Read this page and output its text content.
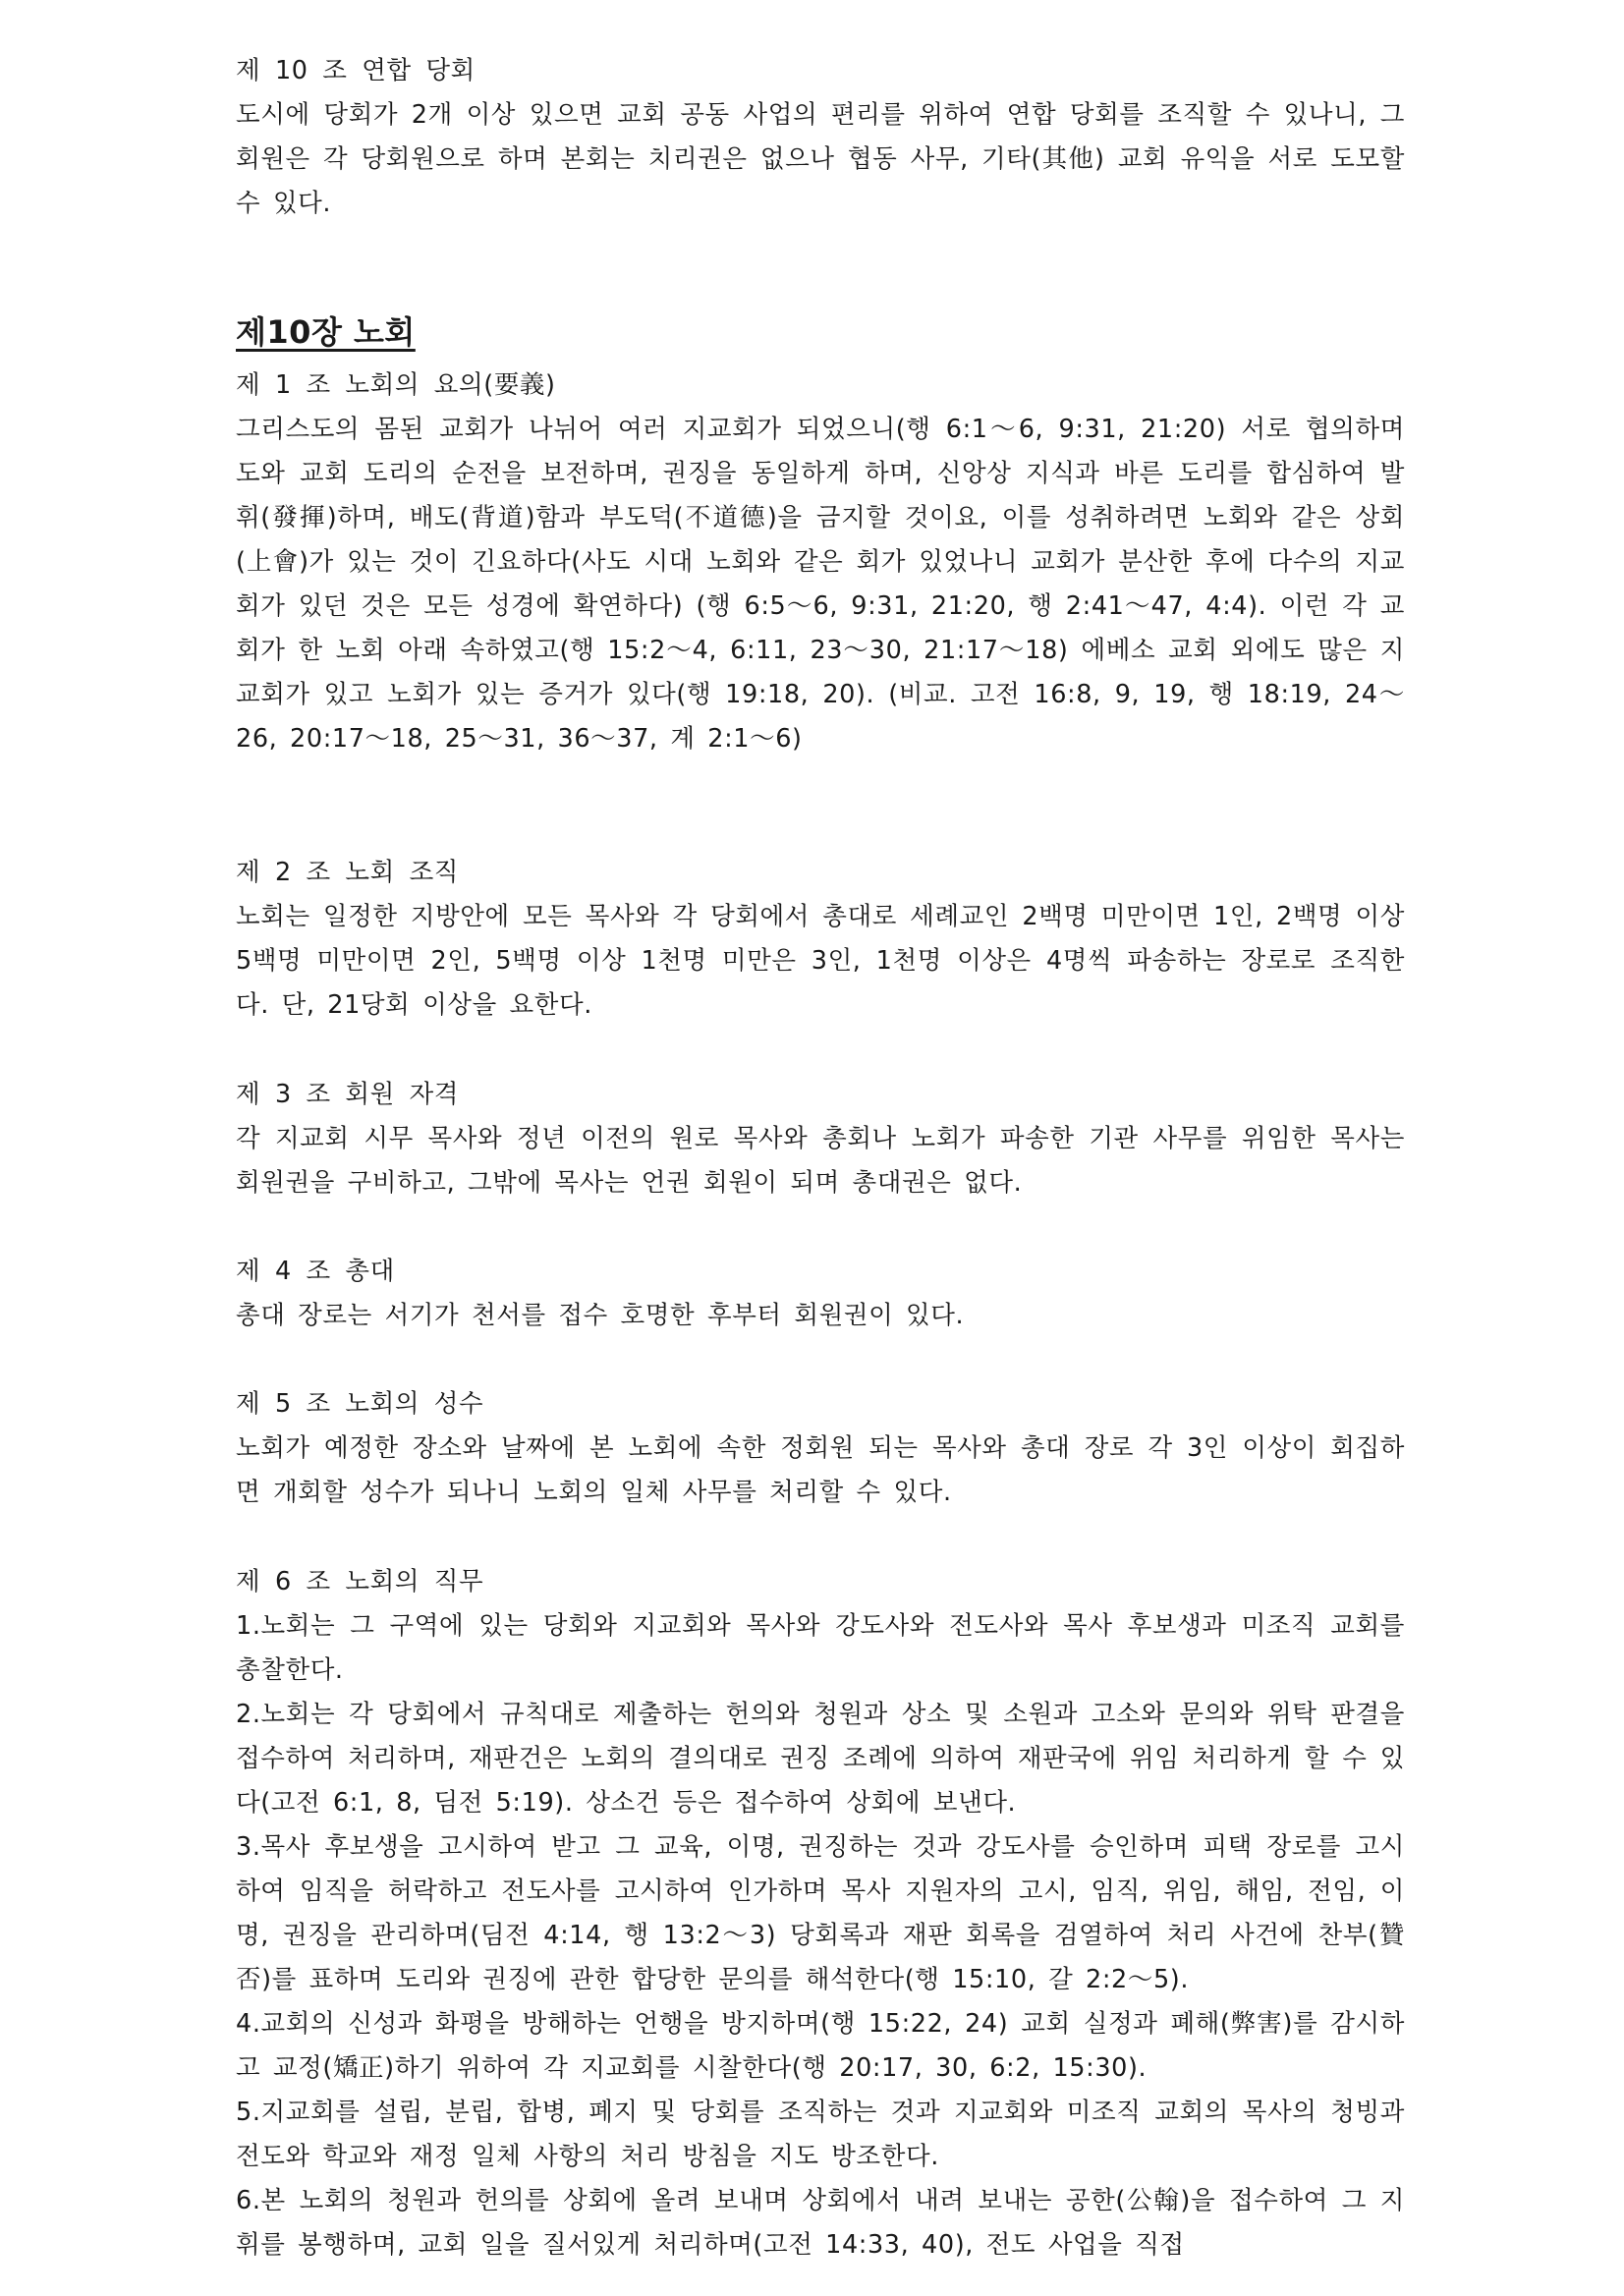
제 10 조 연합 당회

도시에 당회가 2개 이상 있으면 교회 공동 사업의 편리를 위하여 연합 당회를 조직할 수 있나니, 그 회원은 각 당회원으로 하며 본회는 치리권은 없으나 협동 사무, 기타(其他) 교회 유익을 서로 도모할 수 있다.

제10장 노회

제 1 조 노회의 요의(要義)

그리스도의 몸된 교회가 나뉘어 여러 지교회가 되었으니(행 6:1～6, 9:31, 21:20) 서로 협의하며 도와 교회 도리의 순전을 보전하며, 권징을 동일하게 하며, 신앙상 지식과 바른 도리를 합심하여 발휘(發揮)하며, 배도(背道)함과 부도덕(不道德)을 금지할 것이요, 이를 성취하려면 노회와 같은 상회(上會)가 있는 것이 긴요하다(사도 시대 노회와 같은 회가 있었나니 교회가 분산한 후에 다수의 지교회가 있던 것은 모든 성경에 확연하다) (행 6:5～6, 9:31, 21:20, 행 2:41～47, 4:4). 이런 각 교회가 한 노회 아래 속하였고(행 15:2～4, 6:11, 23～30, 21:17～18) 에베소 교회 외에도 많은 지교회가 있고 노회가 있는 증거가 있다(행 19:18, 20). (비교. 고전 16:8, 9, 19, 행 18:19, 24～26, 20:17～18, 25～31, 36～37, 계 2:1～6)

제 2 조 노회 조직

노회는 일정한 지방안에 모든 목사와 각 당회에서 총대로 세례교인 2백명 미만이면 1인, 2백명 이상 5백명 미만이면 2인, 5백명 이상 1천명 미만은 3인, 1천명 이상은 4명씩 파송하는 장로로 조직한다. 단, 21당회 이상을 요한다.

제 3 조 회원 자격

각 지교회 시무 목사와 정년 이전의 원로 목사와 총회나 노회가 파송한 기관 사무를 위임한 목사는 회원권을 구비하고, 그밖에 목사는 언권 회원이 되며 총대권은 없다.

제 4 조 총대

총대 장로는 서기가 천서를 접수 호명한 후부터 회원권이 있다.

제 5 조 노회의 성수

노회가 예정한 장소와 날짜에 본 노회에 속한 정회원 되는 목사와 총대 장로 각 3인 이상이 회집하면 개회할 성수가 되나니 노회의 일체 사무를 처리할 수 있다.

제 6 조 노회의 직무

1.노회는 그 구역에 있는 당회와 지교회와 목사와 강도사와 전도사와 목사 후보생과 미조직 교회를 총찰한다.

2.노회는 각 당회에서 규칙대로 제출하는 헌의와 청원과 상소 및 소원과 고소와 문의와 위탁 판결을 접수하여 처리하며, 재판건은 노회의 결의대로 권징 조례에 의하여 재판국에 위임 처리하게 할 수 있다(고전 6:1, 8, 딤전 5:19). 상소건 등은 접수하여 상회에 보낸다.

3.목사 후보생을 고시하여 받고 그 교육, 이명, 권징하는 것과 강도사를 승인하며 피택 장로를 고시하여 임직을 허락하고 전도사를 고시하여 인가하며 목사 지원자의 고시, 임직, 위임, 해임, 전임, 이명, 권징을 관리하며(딤전 4:14, 행 13:2～3) 당회록과 재판 회록을 검열하여 처리 사건에 찬부(贊否)를 표하며 도리와 권징에 관한 합당한 문의를 해석한다(행 15:10, 갈 2:2～5).

4.교회의 신성과 화평을 방해하는 언행을 방지하며(행 15:22, 24) 교회 실정과 폐해(弊害)를 감시하고 교정(矯正)하기 위하여 각 지교회를 시찰한다(행 20:17, 30, 6:2, 15:30).

5.지교회를 설립, 분립, 합병, 폐지 및 당회를 조직하는 것과 지교회와 미조직 교회의 목사의 청빙과 전도와 학교와 재정 일체 사항의 처리 방침을 지도 방조한다.

6.본 노회의 청원과 헌의를 상회에 올려 보내며 상회에서 내려 보내는 공한(公翰)을 접수하여 그 지휘를 봉행하며, 교회 일을 질서있게 처리하며(고전 14:33, 40), 전도 사업을 직접
